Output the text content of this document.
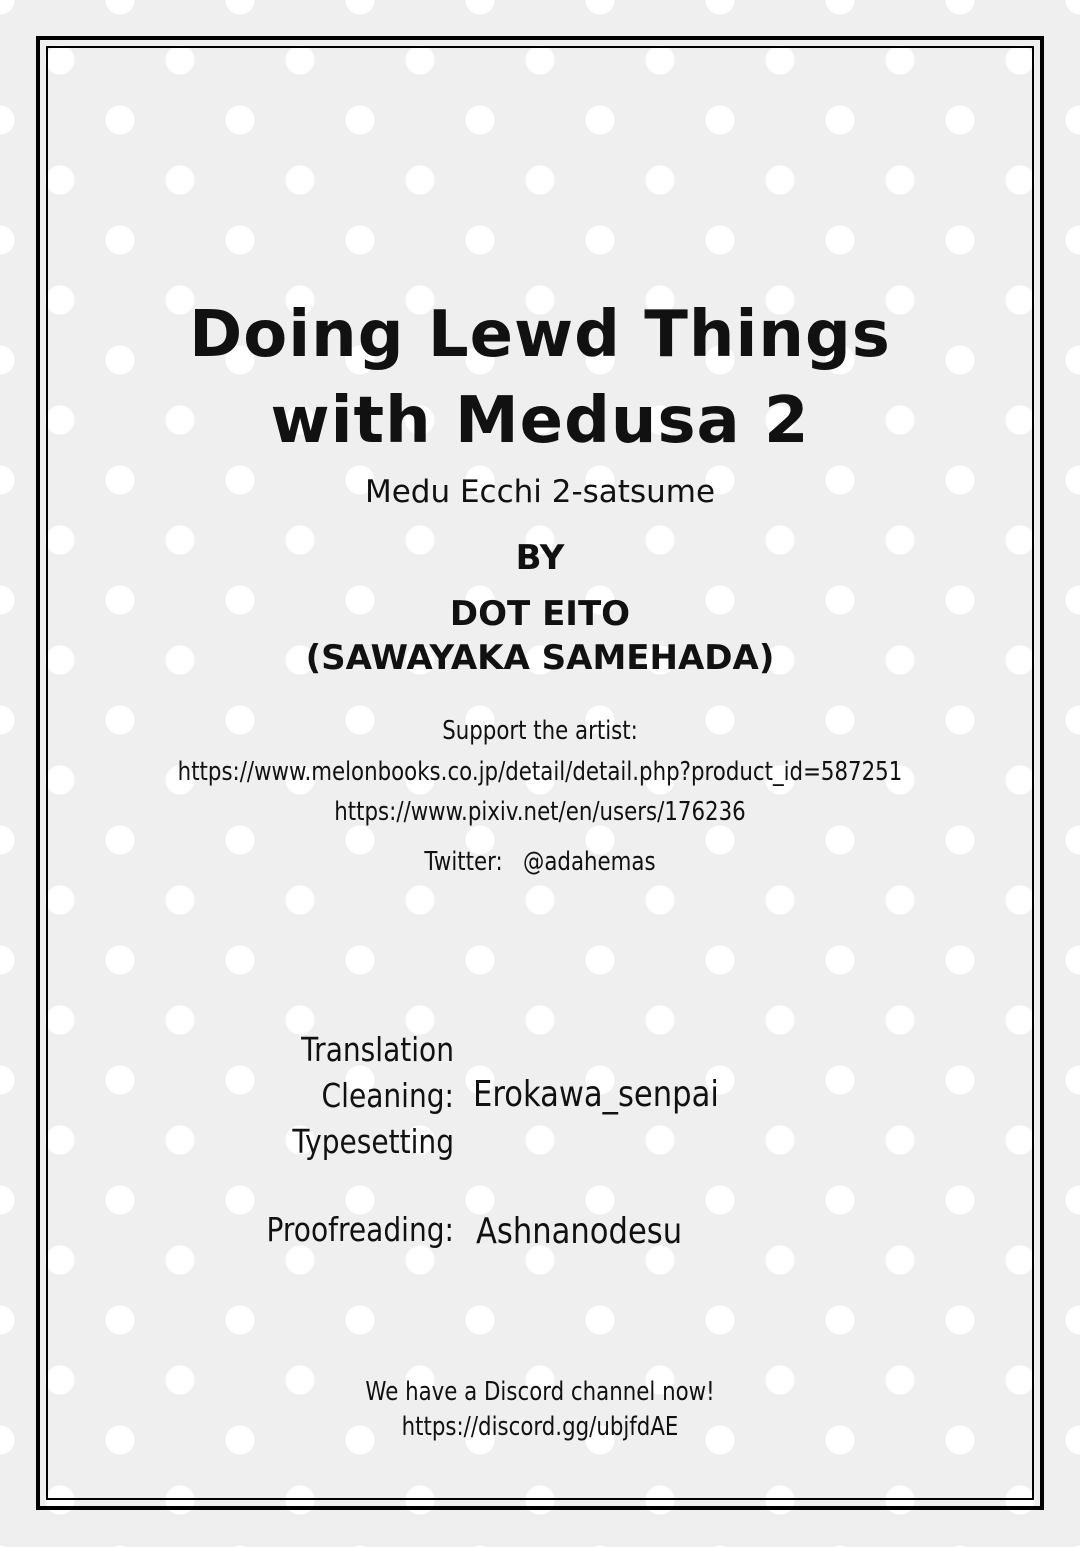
Doing Lewd Things
with Medusa 2
Medu Ecchi 2-satsume
BY
DOT EITO
(SAWAYAKA SAMEHADA)
Support the artist:
https://www.melonbooks.co.jp/detail/detail.php?product_id=587251
https://www.pixiv.net/en/users/176236
Twitter: @adahemas
Translation
Cleaning:
Typesetting
Erokawa_senpai
Proofreading: Ashnanodesu
We have a Discord channel now!
https://discord.gg/ubjfdAE
